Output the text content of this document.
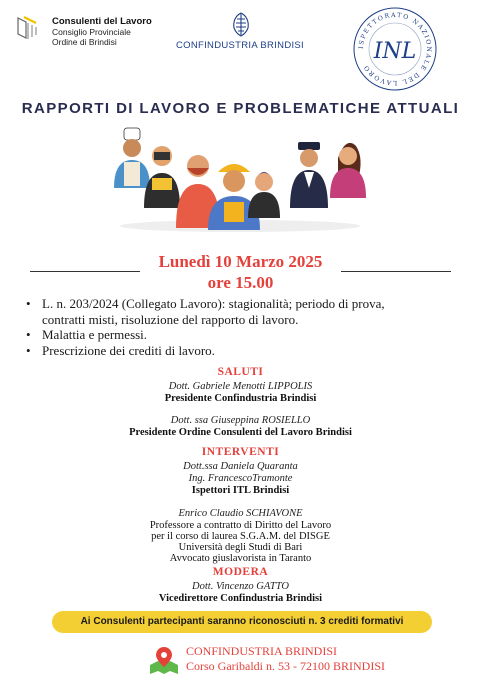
Consulenti del Lavoro
Consiglio Provinciale
Ordine di Brindisi	CONFINDUSTRIA BRINDISI	ISPETTORATO NAZIONALE DEL LAVORO
INL
RAPPORTI DI LAVORO E PROBLEMATICHE ATTUALI
Lunedì 10 Marzo 2025
ore 15.00
• L. n. 203/2024 (Collegato Lavoro): stagionalità; periodo di prova,
contratti misti, risoluzione del rapporto di lavoro.
• Malattia e permessi.
• Prescrizione dei crediti di lavoro.
SALUTI
Dott. Gabriele Menotti LIPPOLIS
Presidente Confindustria Brindisi
Dott. ssa Giuseppina ROSIELLO
Presidente Ordine Consulenti del Lavoro Brindisi
INTERVENTI
Dott.ssa Daniela Quaranta
Ing. FrancescoTramonte
Ispettori ITL Brindisi
Enrico Claudio SCHIAVONE
Professore a contratto di Diritto del Lavoro
per il corso di laurea S.G.A.M. del DISGE
Università degli Studi di Bari
Avvocato giuslavorista in Taranto
MODERA
Dott. Vincenzo GATTO
Vicedirettore Confindustria Brindisi
Ai Consulenti partecipanti saranno riconosciuti n. 3 crediti formativi
CONFINDUSTRIA BRINDISI
Corso Garibaldi n. 53 - 72100 BRINDISI
